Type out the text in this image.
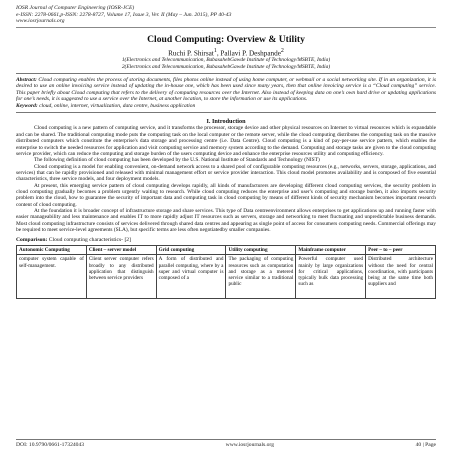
IOSR Journal of Computer Engineering (IOSR-JCE)
e-ISSN: 2278-0661,p-ISSN: 2278-8727, Volume 17, Issue 3, Ver. II (May – Jun. 2015), PP 40-43
www.iosrjournals.org
Cloud Computing: Overview & Utility
Ruchi P. Shirsat$^1$, Pallavi P. Deshpande$^2$
1(Electronics and Telecommunication, BabasahebGawde Institute of Technology/MSBTE, India)
2(Electronics and Telecommunication, BabasahebGawde Institute of Technology/MSBTE, India)
Abstract: Cloud computing enables the process of storing documents, files photos online instead of using home computer, or webmail or a social networking site. If in an organization, it is desired to use an online invoicing service instead of updating the in-house one, which has been used since many years, then that online invoicing service is a “Cloud computing” service. This paper briefly about Cloud computing that refers to the delivery of computing resources over the Internet. Also instead of keeping data on one’s own hard drive or updating applications for one’s needs, it is suggested to use a service over the Internet, at another location, to store the information or use its applications.
Keyword: cloud, online, internet, virtualization, data centre, business application
I. Introduction

Cloud computing is a new pattern of computing service, and it transforms the processor, storage device and other physical resources on Internet to virtual resources which is expandable and can be shared. The traditional computing mode puts the computing task on the local computer or the remote server, while the cloud computing distributes the computing task on the massive distributed computers which constitute the enterprise's data storage and processing centre (i.e. Data Centre). Cloud computing is a kind of pay-per-use service pattern, which enables the enterprise to switch the needed resources for application and visit computing service and memory system according to the demand. Computing and storage tasks are given to the cloud computing service provider, which can reduce the computing and storage burden of the users computing device and enhance the enterprise resources utility and computing efficiency.

The following definition of cloud computing has been developed by the U.S. National Institute of Standards and Technology (NIST)

Cloud computing is a model for enabling convenient, on-demand network access to a shared pool of configurable computing resources (e.g., networks, servers, storage, applications, and services) that can be rapidly provisioned and released with minimal management effort or service provider interaction. This cloud model promotes availability and is composed of five essential characteristics, three service models, and four deployment models.

At present, this emerging service pattern of cloud computing develops rapidly, all kinds of manufacturers are developing different cloud computing services, the security problem in cloud computing gradually becomes a problem urgently waiting to research. While cloud computing reduces the enterprise and user's computing and storage burden, it also imports security problem into the cloud, how to guarantee the security of important data and computing task in cloud computing by means of different kinds of security mechanism becomes important research content of cloud computing.

At the foundation it is broader concept of infrastructure storage and share services. This type of Data centreenvironment allows enterprises to get applications up and running faster with easier manageability and less maintenance and enables IT to more rapidly adjust IT resources such as servers, storage and networking to meet fluctuating and unpredictable business demands. Most cloud computing infrastructure consists of services delivered through shared data centres and appearing as single point of access for consumers computing needs. Commercial offerings may be required to meet service-level agreements (SLA), but specific terms are less often negotiatedby smaller companies.

Comparison: Cloud computing characteristics- [2]
Autonomic Computing	Client – server model	Grid computing	Utility computing	Mainframe computer	Peer – to – peer
computer system capable of self-management.	Client server computer refers broadly to any distributed application that distinguish between service providers	A form of distributed and parallel computing, where by a super and virtual computer is composed of a	The packaging of computing resources such as computation and storage as a metered service similar to a traditional public	Powerful computer used mainly by large organizations for critical applications, typically bulk data processing such as	Distributed architecture without the need for central coordination, with participants being at the same time both suppliers and
DOI: 10.9790/0661-17324043	www.iosrjournals.org	40 | Page
